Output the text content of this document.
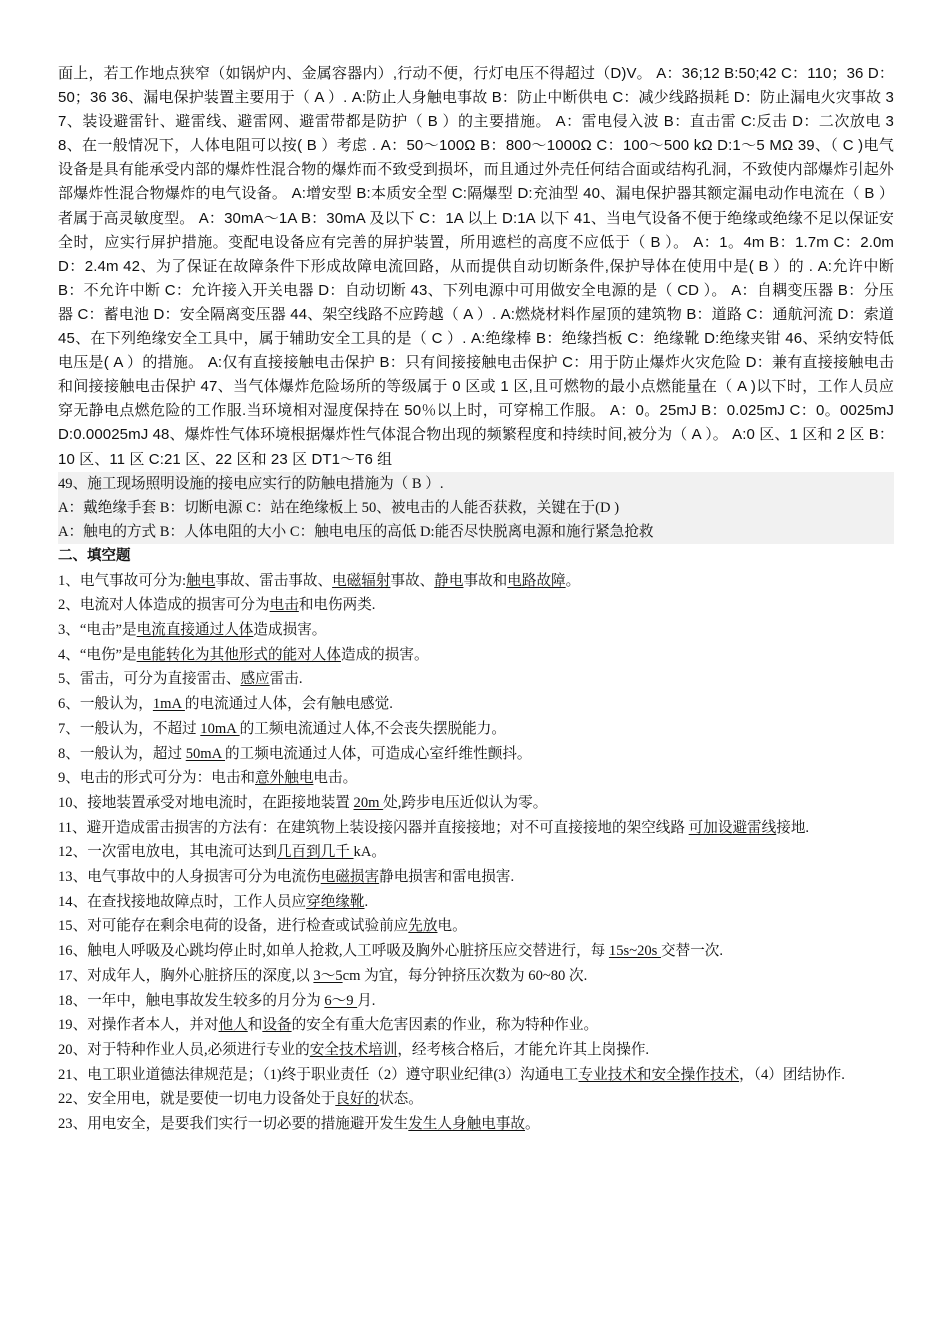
面上，若工作地点狭窄（如锅炉内、金属容器内）,行动不便，行灯电压不得超过（D)V。 A：36;12 B:50;42 C：110；36 D：50；36 36、漏电保护装置主要用于（ A ）. A:防止人身触电事故 B：防止中断供电 C：减少线路损耗 D：防止漏电火灾事故 37、装设避雷针、避雷线、避雷网、避雷带都是防护（ B ）的主要措施。 A：雷电侵入波 B：直击雷 C:反击 D：二次放电 38、在一般情况下，人体电阻可以按( B ）考虑 . A：50～100Ω B：800～1000Ω C：100～500 kΩ D:1～5 MΩ 39、（ C )电气设备是具有能承受内部的爆炸性混合物的爆炸而不致受到损坏，而且通过外壳任何结合面或结构孔洞，不致使内部爆炸引起外部爆炸性混合物爆炸的电气设备。 A:增安型 B:本质安全型 C:隔爆型 D:充油型 40、漏电保护器其额定漏电动作电流在（ B ）者属于高灵敏度型。 A：30mA～1A B：30mA 及以下 C：1A 以上 D:1A 以下 41、当电气设备不便于绝缘或绝缘不足以保证安全时，应实行屏护措施。变配电设备应有完善的屏护装置，所用遮栏的高度不应低于（ B ）。 A：1。4m B：1.7m C：2.0m D：2.4m 42、为了保证在故障条件下形成故障电流回路，从而提供自动切断条件,保护导体在使用中是( B ）的 . A:允许中断 B：不允许中断 C：允许接入开关电器 D：自动切断 43、下列电源中可用做安全电源的是（ CD ）。 A：自耦变压器 B：分压器 C：蓄电池 D：安全隔离变压器 44、架空线路不应跨越（ A ）. A:燃烧材料作屋顶的建筑物 B：道路 C：通航河流 D：索道 45、在下列绝缘安全工具中，属于辅助安全工具的是（ C ）. A:绝缘棒 B：绝缘挡板 C：绝缘靴 D:绝缘夹钳 46、采纳安特低电压是( A ）的措施。 A:仅有直接接触电击保护 B：只有间接接触电击保护 C：用于防止爆炸火灾危险 D：兼有直接接触电击和间接接触电击保护 47、当气体爆炸危险场所的等级属于 0 区或 1 区,且可燃物的最小点燃能量在（ A )以下时，工作人员应穿无静电点燃危险的工作服.当环境相对湿度保持在 50％以上时，可穿棉工作服。 A：0。25mJ B：0.025mJ C：0。0025mJ D:0.00025mJ 48、爆炸性气体环境根据爆炸性气体混合物出现的频繁程度和持续时间,被分为（ A ）。 A:0 区、1 区和 2 区 B：10 区、11 区 C:21 区、22 区和 23 区 DT1～T6 组
49、施工现场照明设施的接电应实行的防触电措施为（ B ）.
A：戴绝缘手套 B：切断电源 C：站在绝缘板上 50、被电击的人能否获救，关键在于(D )
A：触电的方式 B：人体电阻的大小 C：触电电压的高低 D:能否尽快脱离电源和施行紧急抢救
二、填空题
1、电气事故可分为:触电事故、雷击事故、电磁辐射事故、静电事故和电路故障。
2、电流对人体造成的损害可分为电击和电伤两类.
3、“电击”是电流直接通过人体造成损害。
4、“电伤”是电能转化为其他形式的能对人体造成的损害。
5、雷击，可分为直接雷击、感应雷击.
6、一般认为，1mA 的电流通过人体，会有触电感觉.
7、一般认为，不超过 10mA 的工频电流通过人体,不会丧失摆脱能力。
8、一般认为，超过 50mA 的工频电流通过人体，可造成心室纤维性颤抖。
9、电击的形式可分为：电击和意外触电电击。
10、接地装置承受对地电流时，在距接地装置 20m 处,跨步电压近似认为零。
11、避开造成雷击损害的方法有：在建筑物上装设接闪器并直接接地；对不可直接接地的架空线路 可加设避雷线接地.
12、一次雷电放电，其电流可达到几百到几千 kA。
13、电气事故中的人身损害可分为电流伤电磁损害静电损害和雷电损害.
14、在查找接地故障点时，工作人员应穿绝缘靴.
15、对可能存在剩余电荷的设备，进行检查或试验前应先放电。
16、触电人呼吸及心跳均停止时,如单人抢救,人工呼吸及胸外心脏挤压应交替进行，每 15s~20s 交替一次.
17、对成年人，胸外心脏挤压的深度,以 3～5cm 为宜，每分钟挤压次数为 60~80 次.
18、一年中，触电事故发生较多的月分为 6～9 月.
19、对操作者本人，并对他人和设备的安全有重大危害因素的作业，称为特种作业。
20、对于特种作业人员,必须进行专业的安全技术培训，经考核合格后，才能允许其上岗操作.
21、电工职业道德法律规范是；（1)终于职业责任（2）遵守职业纪律(3）沟通电工专业技术和安全操作技术，（4）团结协作.
22、安全用电，就是要使一切电力设备处于良好的状态。
23、用电安全，是要我们实行一切必要的措施避开发生发生人身触电事故。
